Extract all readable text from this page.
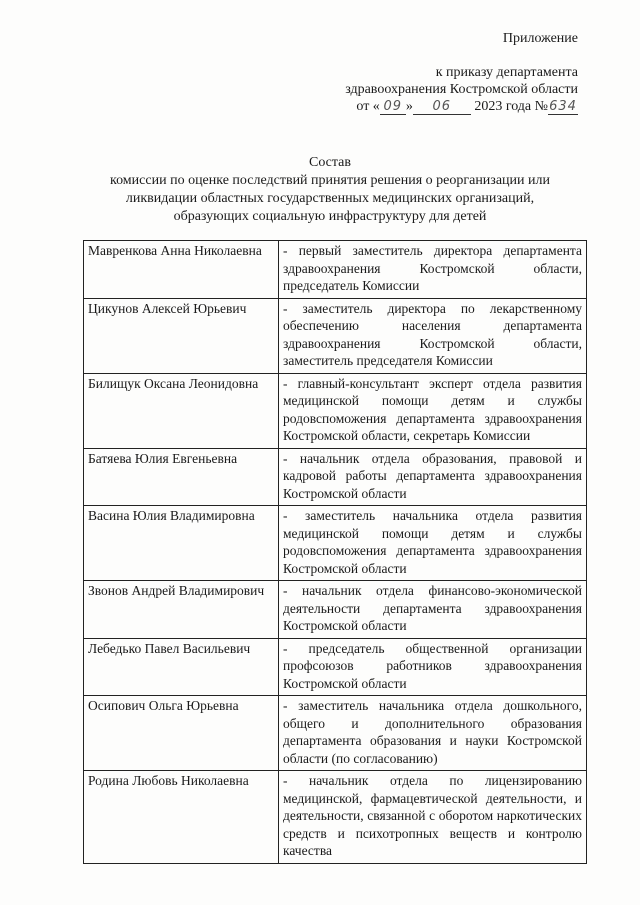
Приложение
к приказу департамента
здравоохранения Костромской области
от « 09 » 06 2023 года №634
Состав
комиссии по оценке последствий принятия решения о реорганизации или
ликвидации областных государственных медицинских организаций,
образующих социальную инфраструктуру для детей
Мавренкова Анна Николаевна	- первый заместитель директора департамента здравоохранения Костромской области, председатель Комиссии
Цикунов Алексей Юрьевич	- заместитель директора по лекарственному обеспечению населения департамента здравоохранения Костромской области, заместитель председателя Комиссии
Билищук Оксана Леонидовна	- главный-консультант эксперт отдела развития медицинской помощи детям и службы родовспоможения департамента здравоохранения Костромской области, секретарь Комиссии
Батяева Юлия Евгеньевна	- начальник отдела образования, правовой и кадровой работы департамента здравоохранения Костромской области
Васина Юлия Владимировна	- заместитель начальника отдела развития медицинской помощи детям и службы родовспоможения департамента здравоохранения Костромской области
Звонов Андрей Владимирович	- начальник отдела финансово-экономической деятельности департамента здравоохранения Костромской области
Лебедько Павел Васильевич	- председатель общественной организации профсоюзов работников здравоохранения Костромской области
Осипович Ольга Юрьевна	- заместитель начальника отдела дошкольного, общего и дополнительного образования департамента образования и науки Костромской области (по согласованию)
Родина Любовь Николаевна	- начальник отдела по лицензированию медицинской, фармацевтической деятельности, и деятельности, связанной с оборотом наркотических средств и психотропных веществ и контролю качества
